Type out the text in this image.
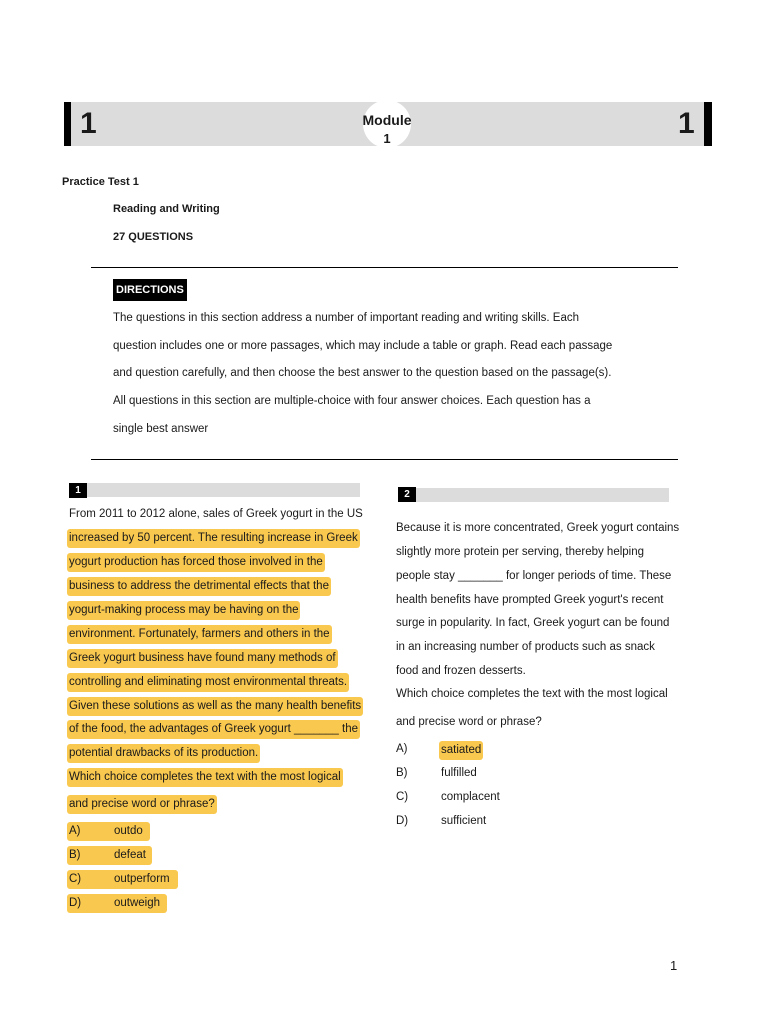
1	1
Module
1
Practice Test 1
Reading and Writing
27 QUESTIONS
DIRECTIONS
The questions in this section address a number of important reading and writing skills. Each
question includes one or more passages, which may include a table or graph. Read each passage
and question carefully, and then choose the best answer to the question based on the passage(s).
All questions in this section are multiple-choice with four answer choices. Each question has a
single best answer
1
From 2011 to 2012 alone, sales of Greek yogurt in the US
increased by 50 percent. The resulting increase in Greek
yogurt production has forced those involved in the
business to address the detrimental effects that the
yogurt-making process may be having on the
environment. Fortunately, farmers and others in the
Greek yogurt business have found many methods of
controlling and eliminating most environmental threats.
Given these solutions as well as the many health benefits
of the food, the advantages of Greek yogurt _______ the
potential drawbacks of its production.
Which choice completes the text with the most logical
and precise word or phrase?
A)	outdo
B)	defeat
C)	outperform
D)	outweigh
2
Because it is more concentrated, Greek yogurt contains
slightly more protein per serving, thereby helping
people stay _______ for longer periods of time. These
health benefits have prompted Greek yogurt's recent
surge in popularity. In fact, Greek yogurt can be found
in an increasing number of products such as snack
food and frozen desserts.
Which choice completes the text with the most logical
and precise word or phrase?
A)	satiated
B)	fulfilled
C)	complacent
D)	sufficient
1
